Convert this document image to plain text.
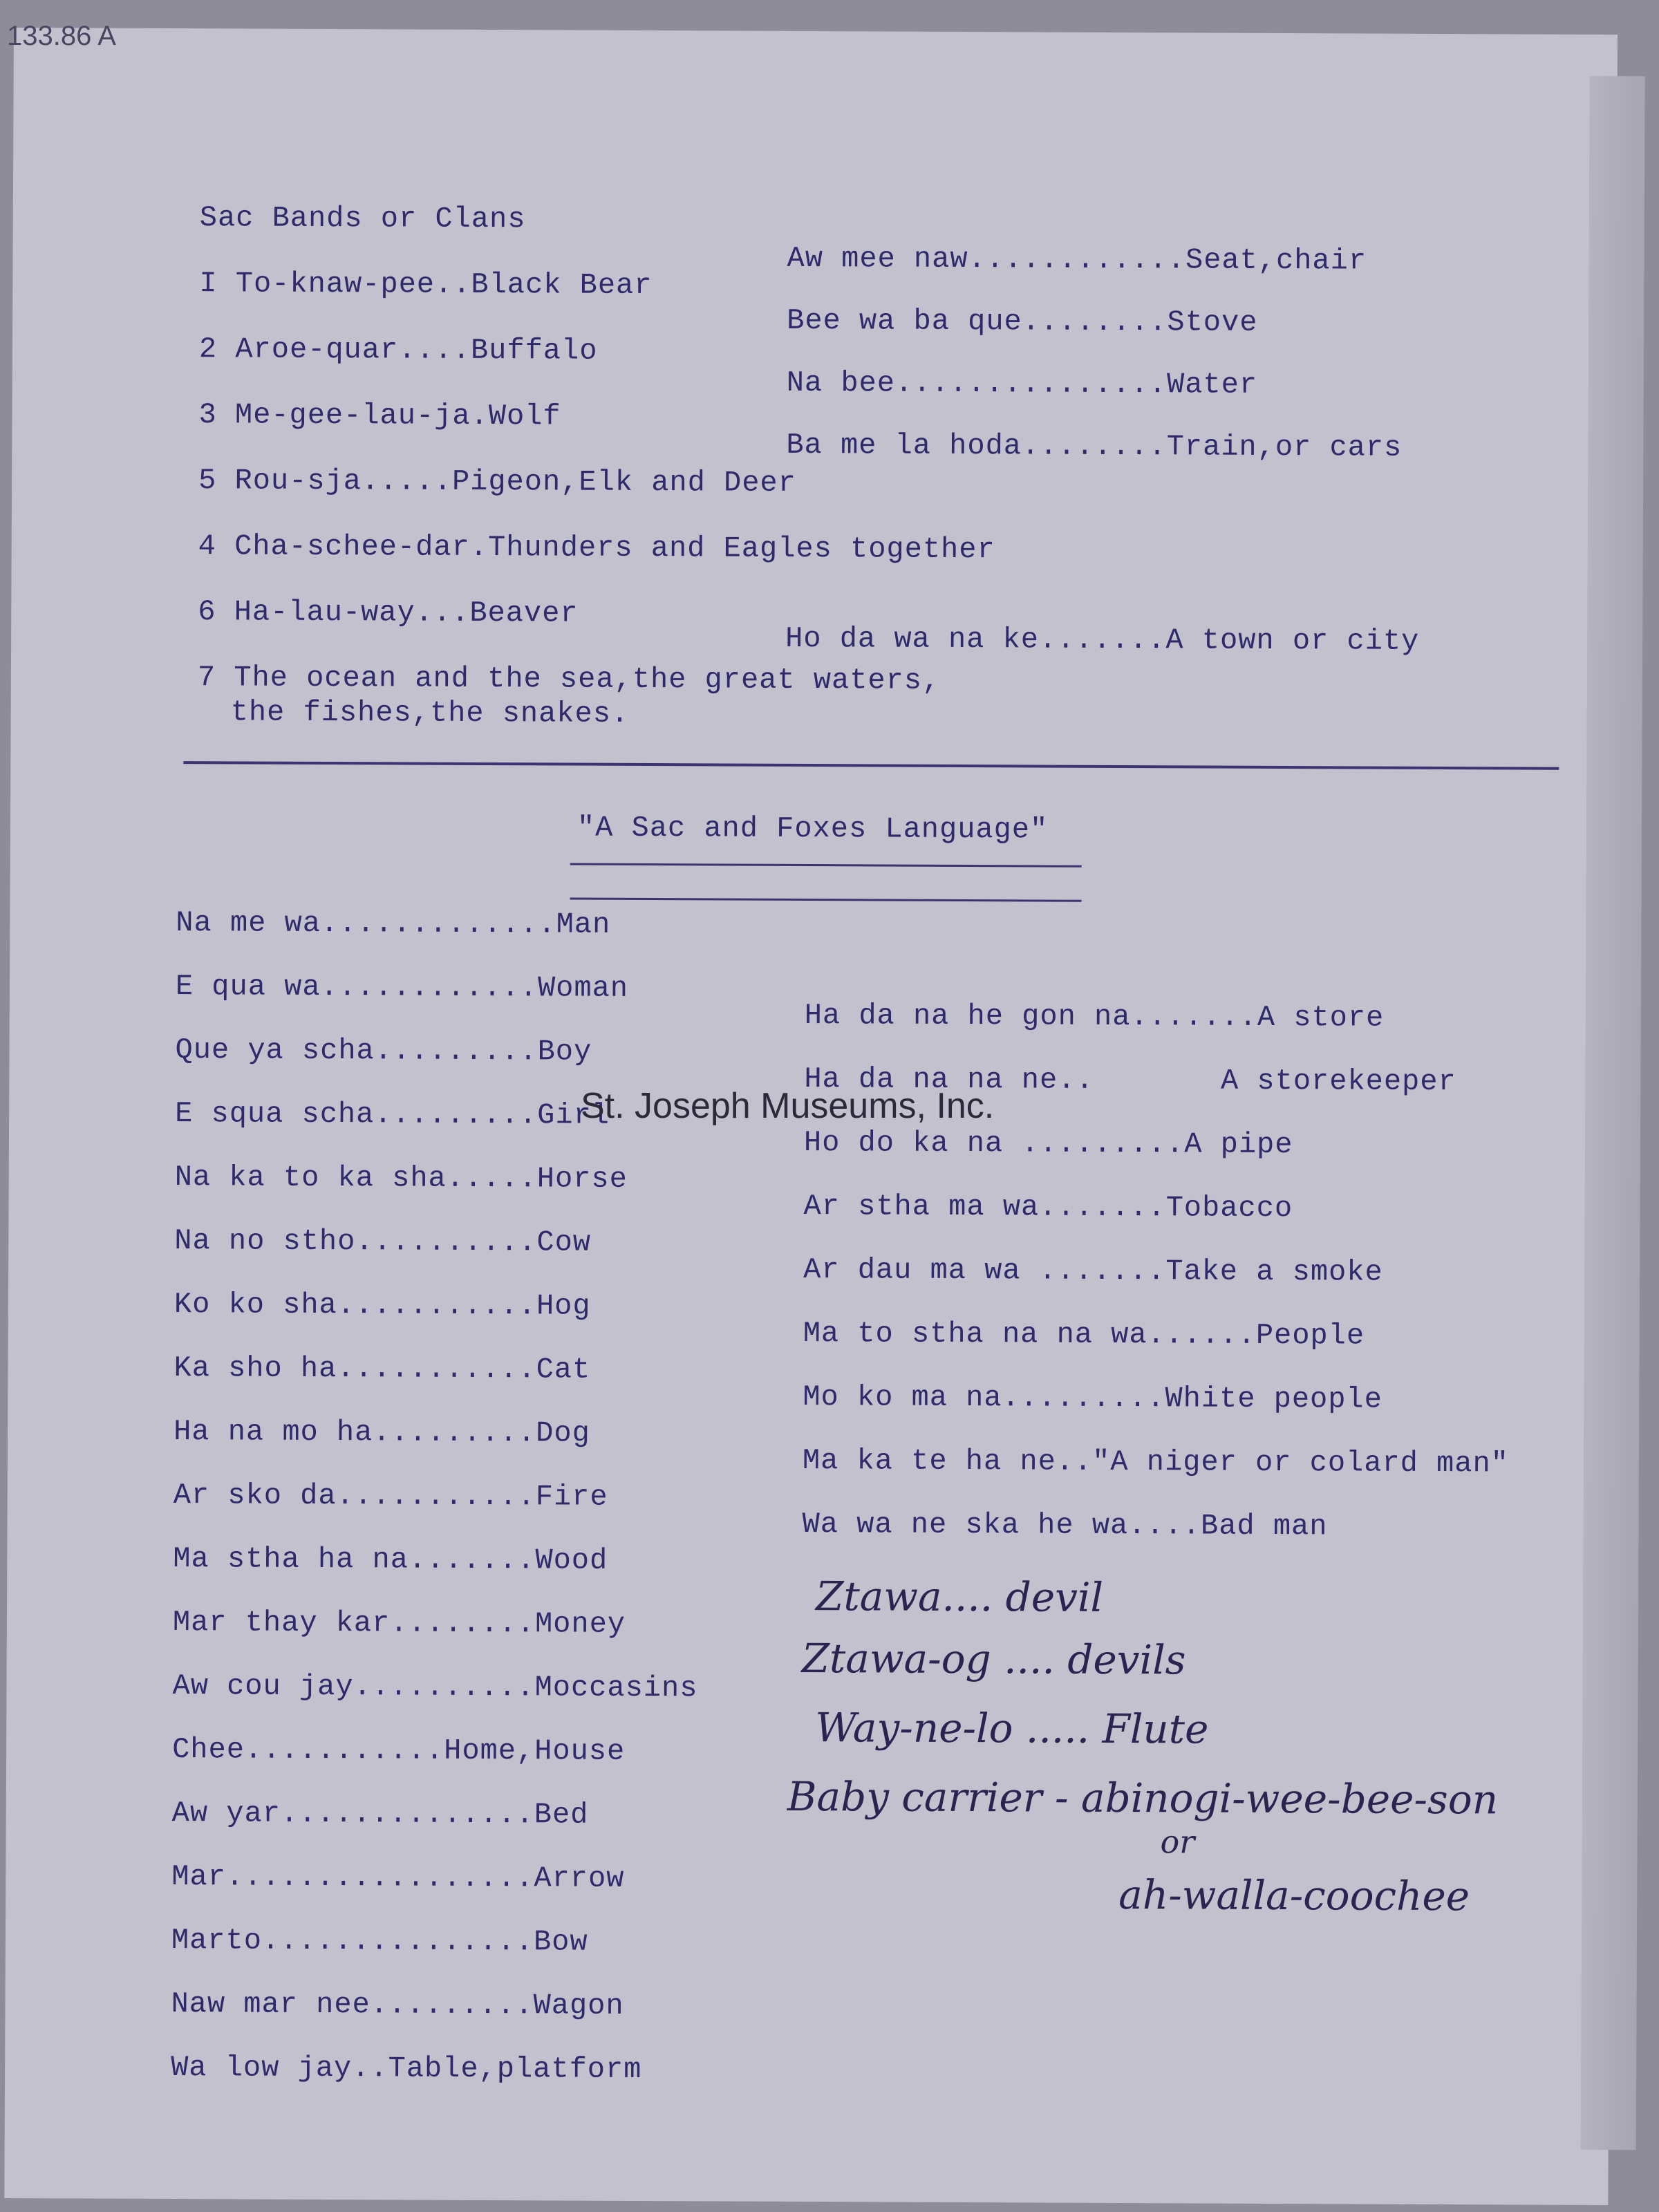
Sac Bands or Clans
I To-knaw-pee..Black Bear
2 Aroe-quar....Buffalo
3 Me-gee-lau-ja.Wolf
5 Rou-sja.....Pigeon,Elk and Deer
4 Cha-schee-dar.Thunders and Eagles together
6 Ha-lau-way...Beaver
7 The ocean and the sea,the great waters,
the fishes,the snakes.
Aw mee naw............Seat,chair
Bee wa ba que........Stove
Na bee...............Water
Ba me la hoda........Train,or cars
Ho da wa na ke.......A town or city
"A Sac and Foxes Language"
Na me wa.............Man
E qua wa............Woman
Que ya scha.........Boy
E squa scha.........Girl
Na ka to ka sha.....Horse
Na no stho..........Cow
Ko ko sha...........Hog
Ka sho ha...........Cat
Ha na mo ha.........Dog
Ar sko da...........Fire
Ma stha ha na.......Wood
Mar thay kar........Money
Aw cou jay..........Moccasins
Chee...........Home,House
Aw yar..............Bed
Mar.................Arrow
Marto...............Bow
Naw mar nee.........Wagon
Wa low jay..Table,platform
Ha da na he gon na.......A store
Ha da na na ne..       A storekeeper
Ho do ka na .........A pipe
Ar stha ma wa.......Tobacco
Ar dau ma wa .......Take a smoke
Ma to stha na na wa......People
Mo ko ma na.........White people
Ma ka te ha ne.."A niger or colard man"
Wa wa ne ska he wa....Bad man
Ztawa.... devil
Ztawa-og .... devils
Way-ne-lo ..... Flute
Baby carrier - abinogi-wee-bee-son
or
ah-walla-coochee
133.86 A
St. Joseph Museums, Inc.
